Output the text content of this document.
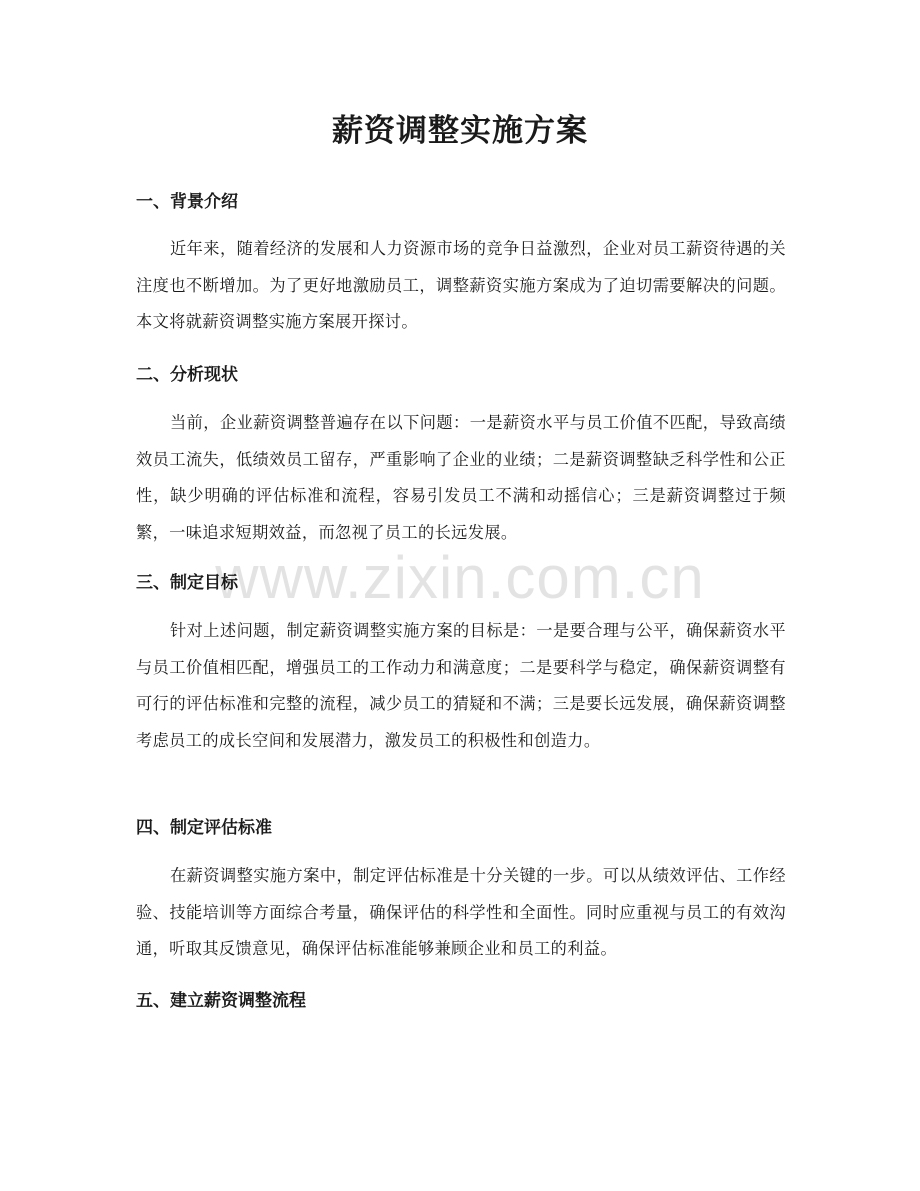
薪资调整实施方案
一、背景介绍

近年来，随着经济的发展和人力资源市场的竞争日益激烈，企业对员工薪资待遇的关注度也不断增加。为了更好地激励员工，调整薪资实施方案成为了迫切需要解决的问题。本文将就薪资调整实施方案展开探讨。

二、分析现状

当前，企业薪资调整普遍存在以下问题：一是薪资水平与员工价值不匹配，导致高绩效员工流失，低绩效员工留存，严重影响了企业的业绩；二是薪资调整缺乏科学性和公正性，缺少明确的评估标准和流程，容易引发员工不满和动摇信心；三是薪资调整过于频繁，一味追求短期效益，而忽视了员工的长远发展。

三、制定目标

针对上述问题，制定薪资调整实施方案的目标是：一是要合理与公平，确保薪资水平与员工价值相匹配，增强员工的工作动力和满意度；二是要科学与稳定，确保薪资调整有可行的评估标准和完整的流程，减少员工的猜疑和不满；三是要长远发展，确保薪资调整考虑员工的成长空间和发展潜力，激发员工的积极性和创造力。

四、制定评估标准

在薪资调整实施方案中，制定评估标准是十分关键的一步。可以从绩效评估、工作经验、技能培训等方面综合考量，确保评估的科学性和全面性。同时应重视与员工的有效沟通，听取其反馈意见，确保评估标准能够兼顾企业和员工的利益。

五、建立薪资调整流程
www.zixin.com.cn
